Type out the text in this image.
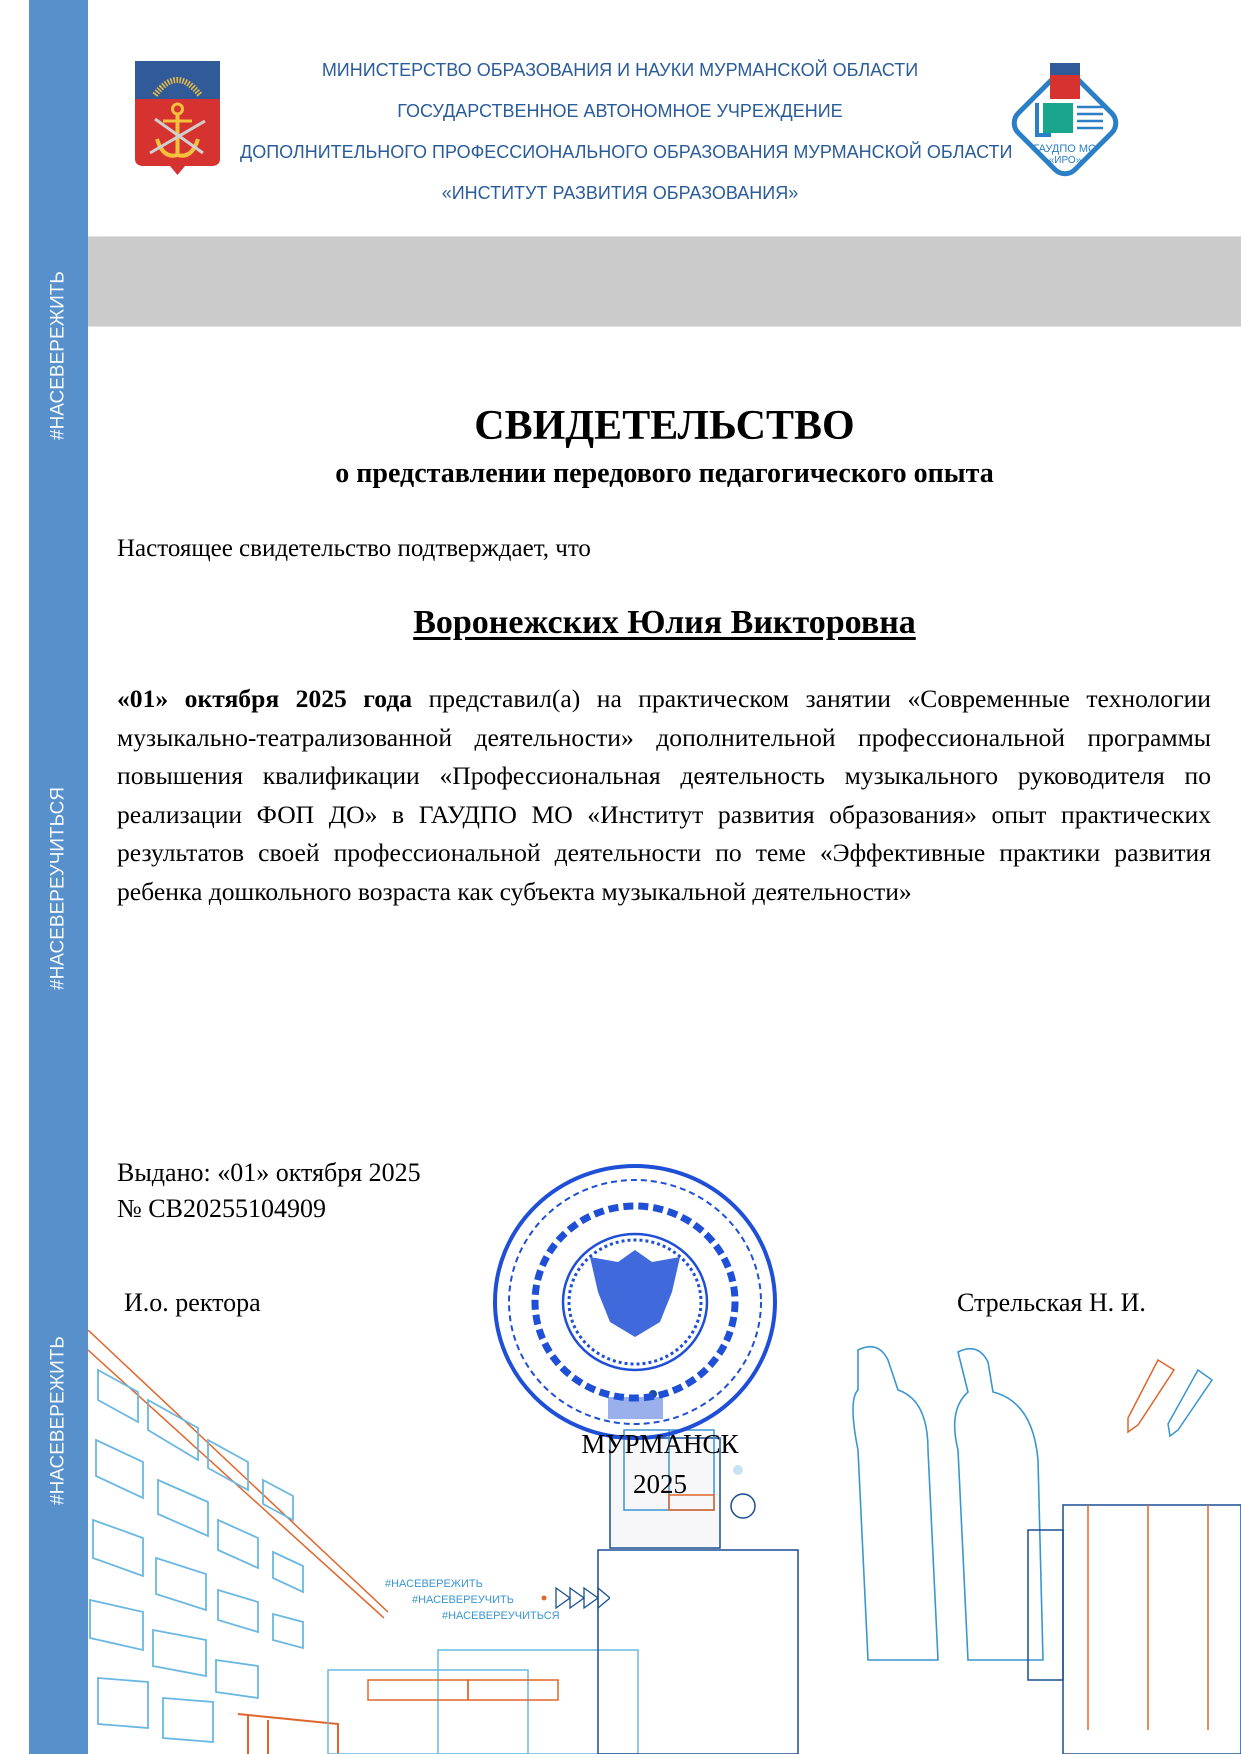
#НАСЕВЕРЕЖИТЬ
#НАСЕВЕРЕУЧИТЬСЯ
#НАСЕВЕРЕЖИТЬ
ГАУДПО МО
«ИРО»
МИНИСТЕРСТВО ОБРАЗОВАНИЯ И НАУКИ МУРМАНСКОЙ ОБЛАСТИ
ГОСУДАРСТВЕННОЕ АВТОНОМНОЕ УЧРЕЖДЕНИЕ
ДОПОЛНИТЕЛЬНОГО ПРОФЕССИОНАЛЬНОГО ОБРАЗОВАНИЯ МУРМАНСКОЙ ОБЛАСТИ
«ИНСТИТУТ РАЗВИТИЯ ОБРАЗОВАНИЯ»
СВИДЕТЕЛЬСТВО
о представлении передового педагогического опыта
Настоящее свидетельство подтверждает, что
Воронежских Юлия Викторовна
«01» октября 2025 года представил(а) на практическом занятии «Современные технологии музыкально-театрализованной деятельности» дополнительной профессиональной программы повышения квалификации «Профессиональная деятельность музыкального руководителя по реализации ФОП ДО» в ГАУДПО МО «Институт развития образования» опыт практических результатов своей профессиональной деятельности по теме «Эффективные практики развития ребенка дошкольного возраста как субъекта музыкальной деятельности»
#НАСЕВЕРЕЖИТЬ
#НАСЕВЕРЕУЧИТЬ
#НАСЕВЕРЕУЧИТЬСЯ
Выдано: «01» октября 2025
№ СВ20255104909
И.о. ректора	Стрельская Н. И.
МУРМАНСК
2025
